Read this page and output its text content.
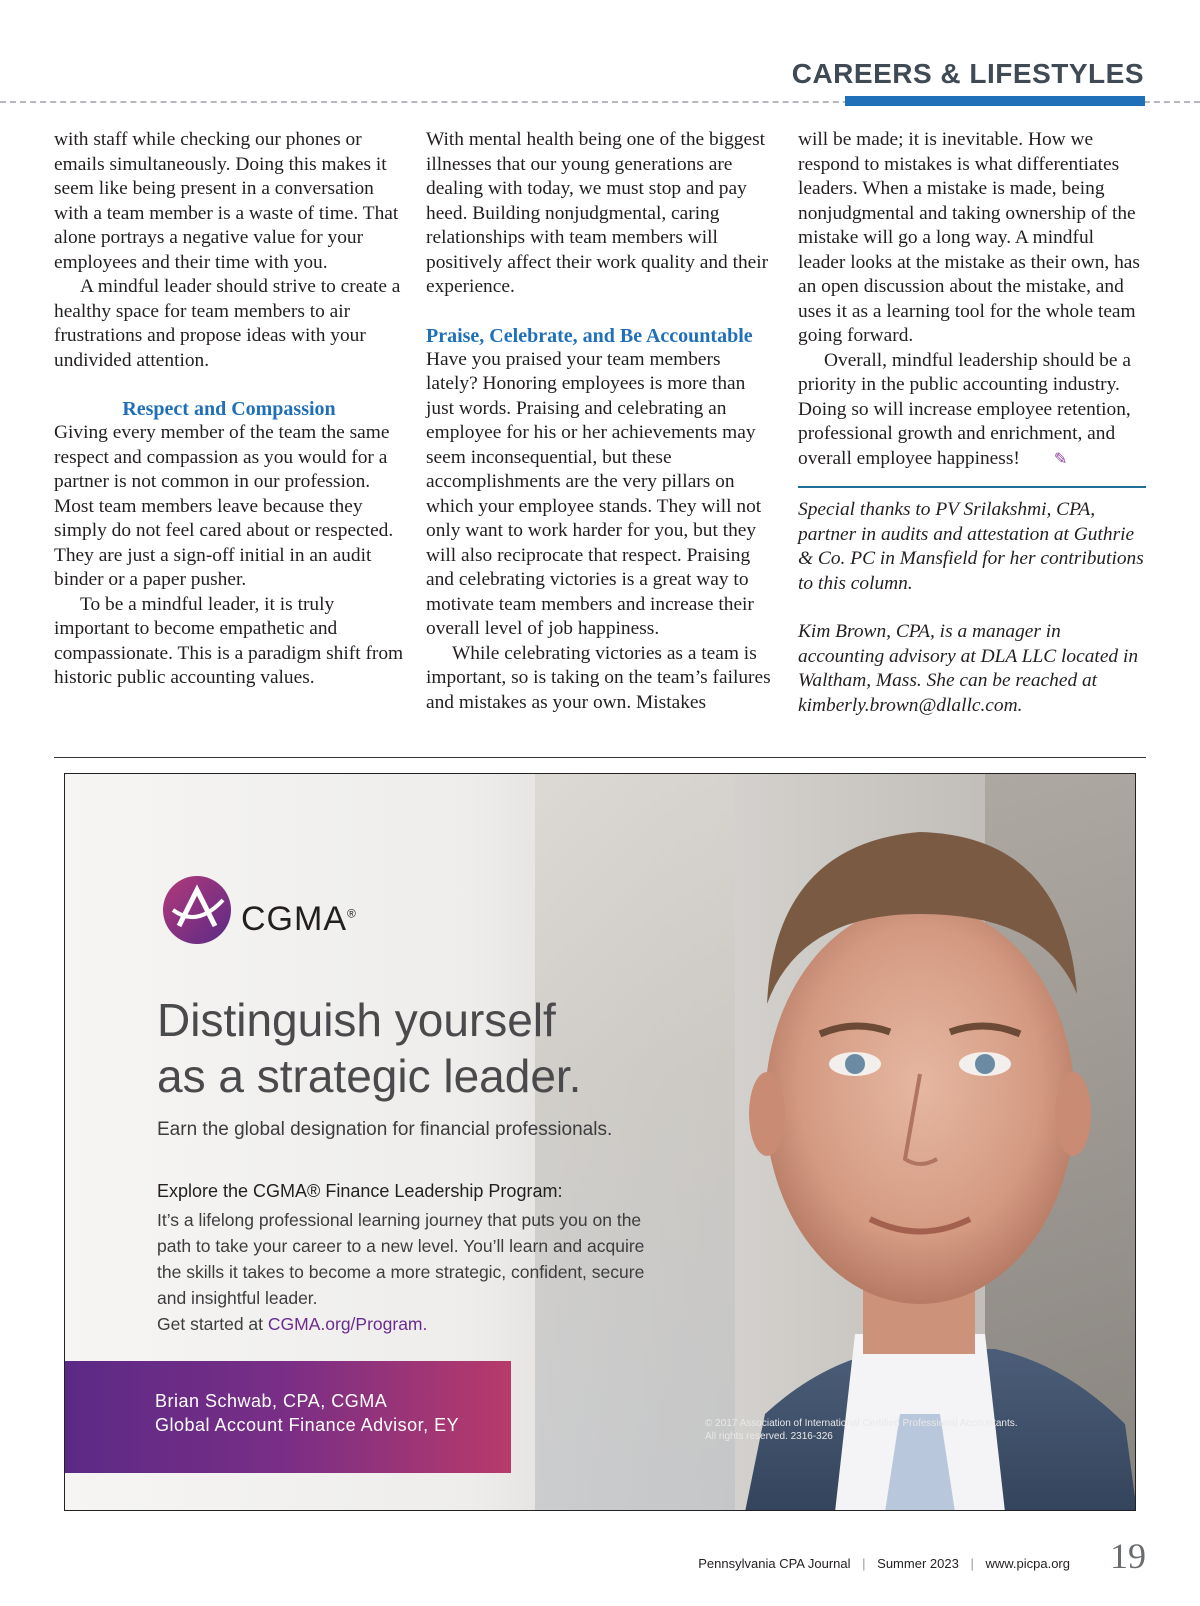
CAREERS & LIFESTYLES

with staff while checking our phones or emails simultaneously. Doing this makes it seem like being present in a conversation with a team member is a waste of time. That alone portrays a negative value for your employees and their time with you.

A mindful leader should strive to create a healthy space for team members to air frustrations and propose ideas with your undivided attention.

Respect and Compassion

Giving every member of the team the same respect and compassion as you would for a partner is not common in our profession. Most team members leave because they simply do not feel cared about or respected. They are just a sign-off initial in an audit binder or a paper pusher.

To be a mindful leader, it is truly important to become empathetic and compassionate. This is a paradigm shift from historic public accounting values.

With mental health being one of the biggest illnesses that our young generations are dealing with today, we must stop and pay heed. Building nonjudgmental, caring relationships with team members will positively affect their work quality and their experience.

Praise, Celebrate, and Be Accountable

Have you praised your team members lately? Honoring employees is more than just words. Praising and celebrating an employee for his or her achievements may seem inconsequential, but these accomplishments are the very pillars on which your employee stands. They will not only want to work harder for you, but they will also reciprocate that respect. Praising and celebrating victories is a great way to motivate team members and increase their overall level of job happiness.

While celebrating victories as a team is important, so is taking on the team’s failures and mistakes as your own. Mistakes

will be made; it is inevitable. How we respond to mistakes is what differentiates leaders. When a mistake is made, being nonjudgmental and taking ownership of the mistake will go a long way. A mindful leader looks at the mistake as their own, has an open discussion about the mistake, and uses it as a learning tool for the whole team going forward.

Overall, mindful leadership should be a priority in the public accounting industry. Doing so will increase employee retention, professional growth and enrichment, and overall employee happiness! ✎

Special thanks to PV Srilakshmi, CPA, partner in audits and attestation at Guthrie & Co. PC in Mansfield for her contributions to this column.

Kim Brown, CPA, is a manager in accounting advisory at DLA LLC located in Waltham, Mass. She can be reached at kimberly.brown@dlallc.com.

CGMA®
Distinguish yourself
as a strategic leader.
Earn the global designation for financial professionals.
Explore the CGMA® Finance Leadership Program:
It’s a lifelong professional learning journey that puts you on the path to take your career to a new level. You’ll learn and acquire the skills it takes to become a more strategic, confident, secure and insightful leader.
Get started at CGMA.org/Program.
Brian Schwab, CPA, CGMA
Global Account Finance Advisor, EY	© 2017 Association of International Certified Professional Accountants.
All rights reserved. 2316-326
Pennsylvania CPA Journal | Summer 2023 | www.picpa.org 19
